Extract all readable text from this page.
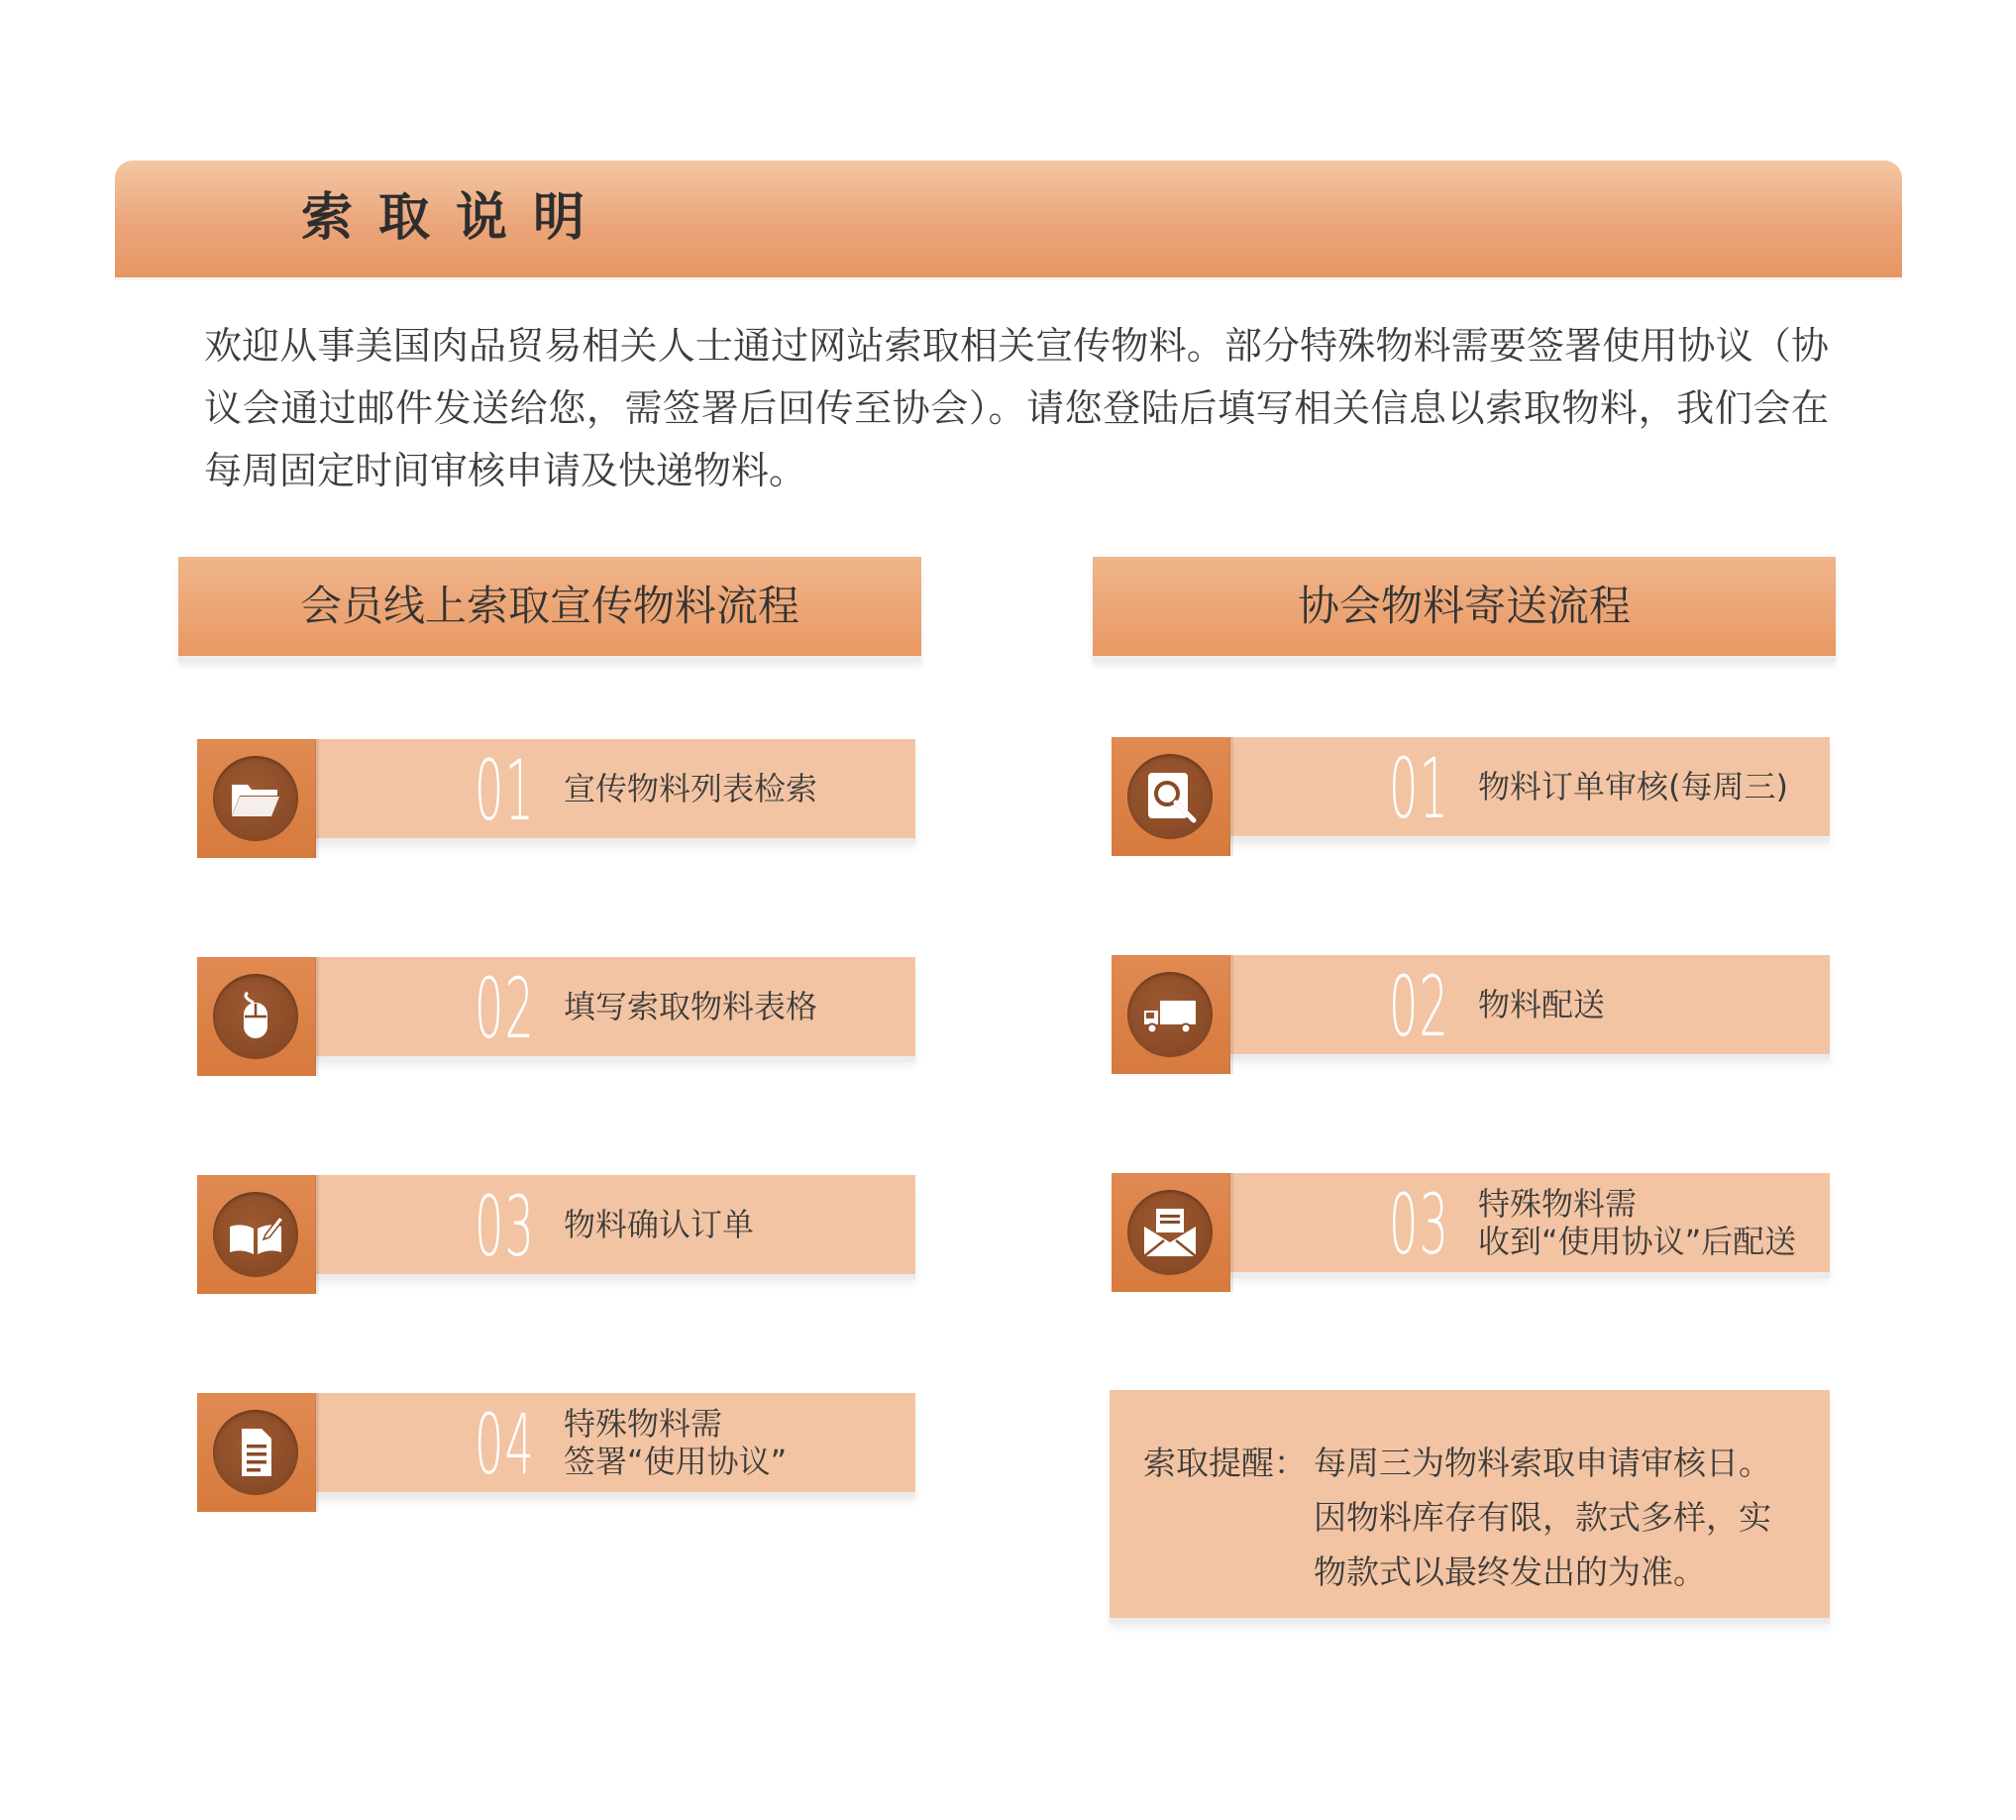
索取说明
欢迎从事美国肉品贸易相关人士通过网站索取相关宣传物料。部分特殊物料需要签署使用协议（协议会通过邮件发送给您，需签署后回传至协会）。请您登陆后填写相关信息以索取物料，我们会在每周固定时间审核申请及快递物料。
会员线上索取宣传物料流程	协会物料寄送流程
01 宣传物料列表检索
02 填写索取物料表格
03 物料确认订单
04 特殊物料需
签署“使用协议”
01 物料订单审核(每周三)
02 物料配送
03 特殊物料需
收到“使用协议”后配送
索取提醒： 每周三为物料索取申请审核日。
因物料库存有限，款式多样，实
物款式以最终发出的为准。
